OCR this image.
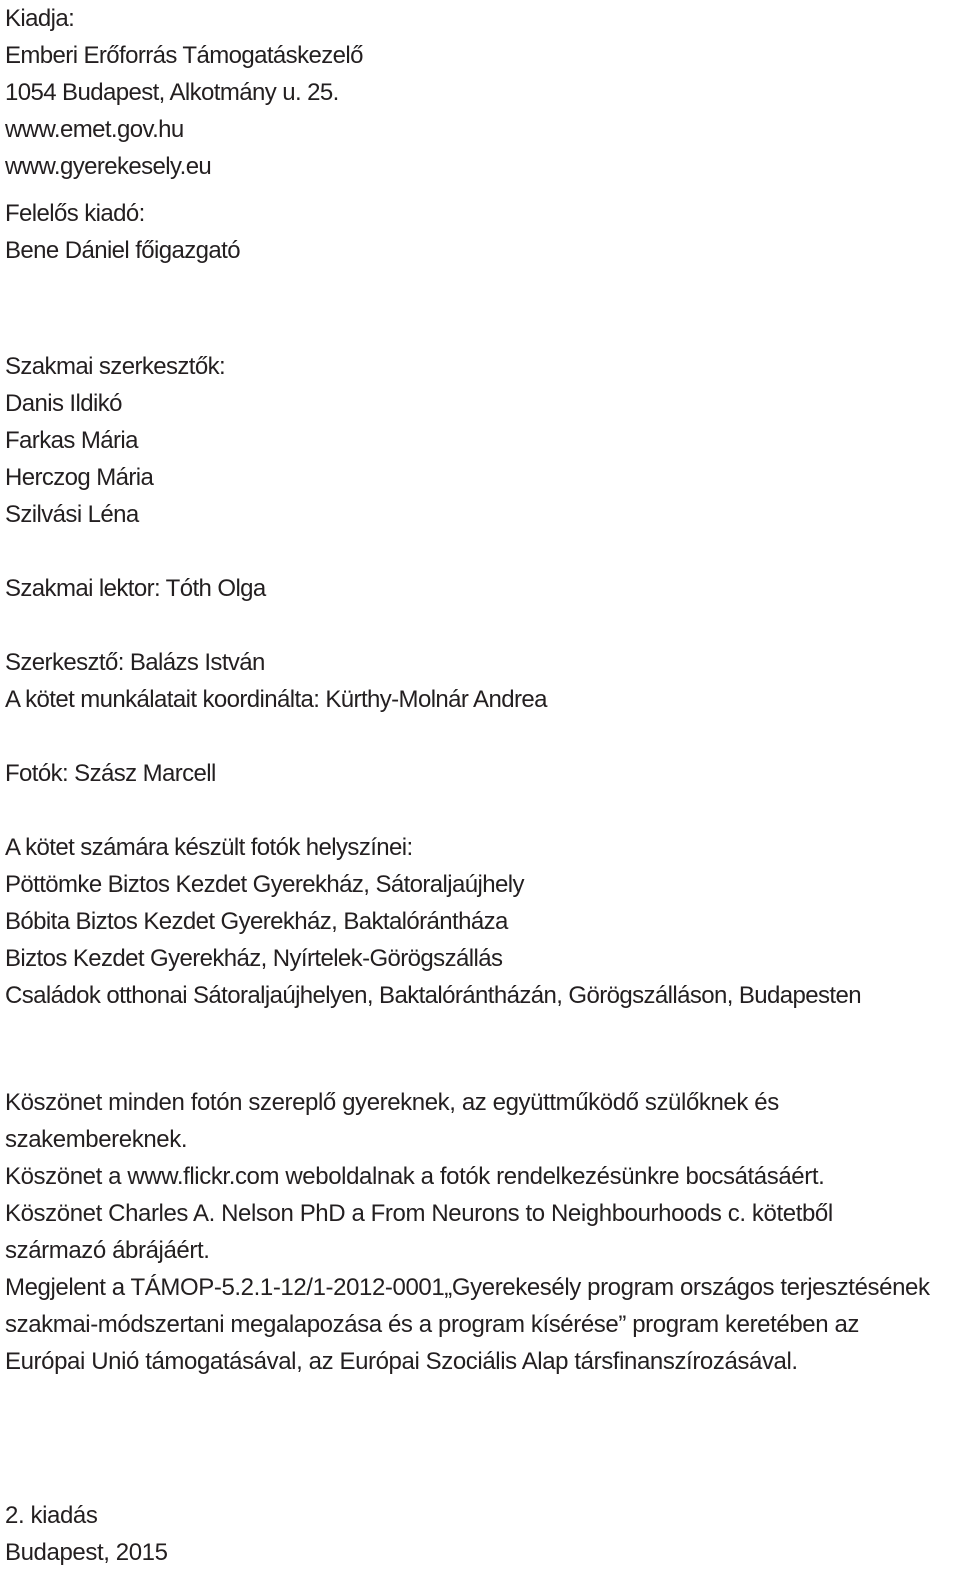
Kiadja:
Emberi Erőforrás Támogatáskezelő
1054 Budapest, Alkotmány u. 25.
www.emet.gov.hu
www.gyerekesely.eu
Felelős kiadó:
Bene Dániel főigazgató
Szakmai szerkesztők:
Danis Ildikó
Farkas Mária
Herczog Mária
Szilvási Léna
Szakmai lektor: Tóth Olga
Szerkesztő: Balázs István
A kötet munkálatait koordinálta: Kürthy-Molnár Andrea
Fotók: Szász Marcell
A kötet számára készült fotók helyszínei:
Pöttömke Biztos Kezdet Gyerekház, Sátoraljaújhely
Bóbita Biztos Kezdet Gyerekház, Baktalórántháza
Biztos Kezdet Gyerekház, Nyírtelek-Görögszállás
Családok otthonai Sátoraljaújhelyen, Baktalórántházán, Görögszálláson, Budapesten
Köszönet minden fotón szereplő gyereknek, az együttműködő szülőknek és
szakembereknek.
Köszönet a www.flickr.com weboldalnak a fotók rendelkezésünkre bocsátásáért.
Köszönet Charles A. Nelson PhD a From Neurons to Neighbourhoods c. kötetből
származó ábrájáért.
Megjelent a TÁMOP-5.2.1-12/1-2012-0001„Gyerekesély program országos terjesztésének
szakmai-módszertani megalapozása és a program kísérése” program keretében az
Európai Unió támogatásával, az Európai Szociális Alap társfinanszírozásával.
2. kiadás
Budapest, 2015
